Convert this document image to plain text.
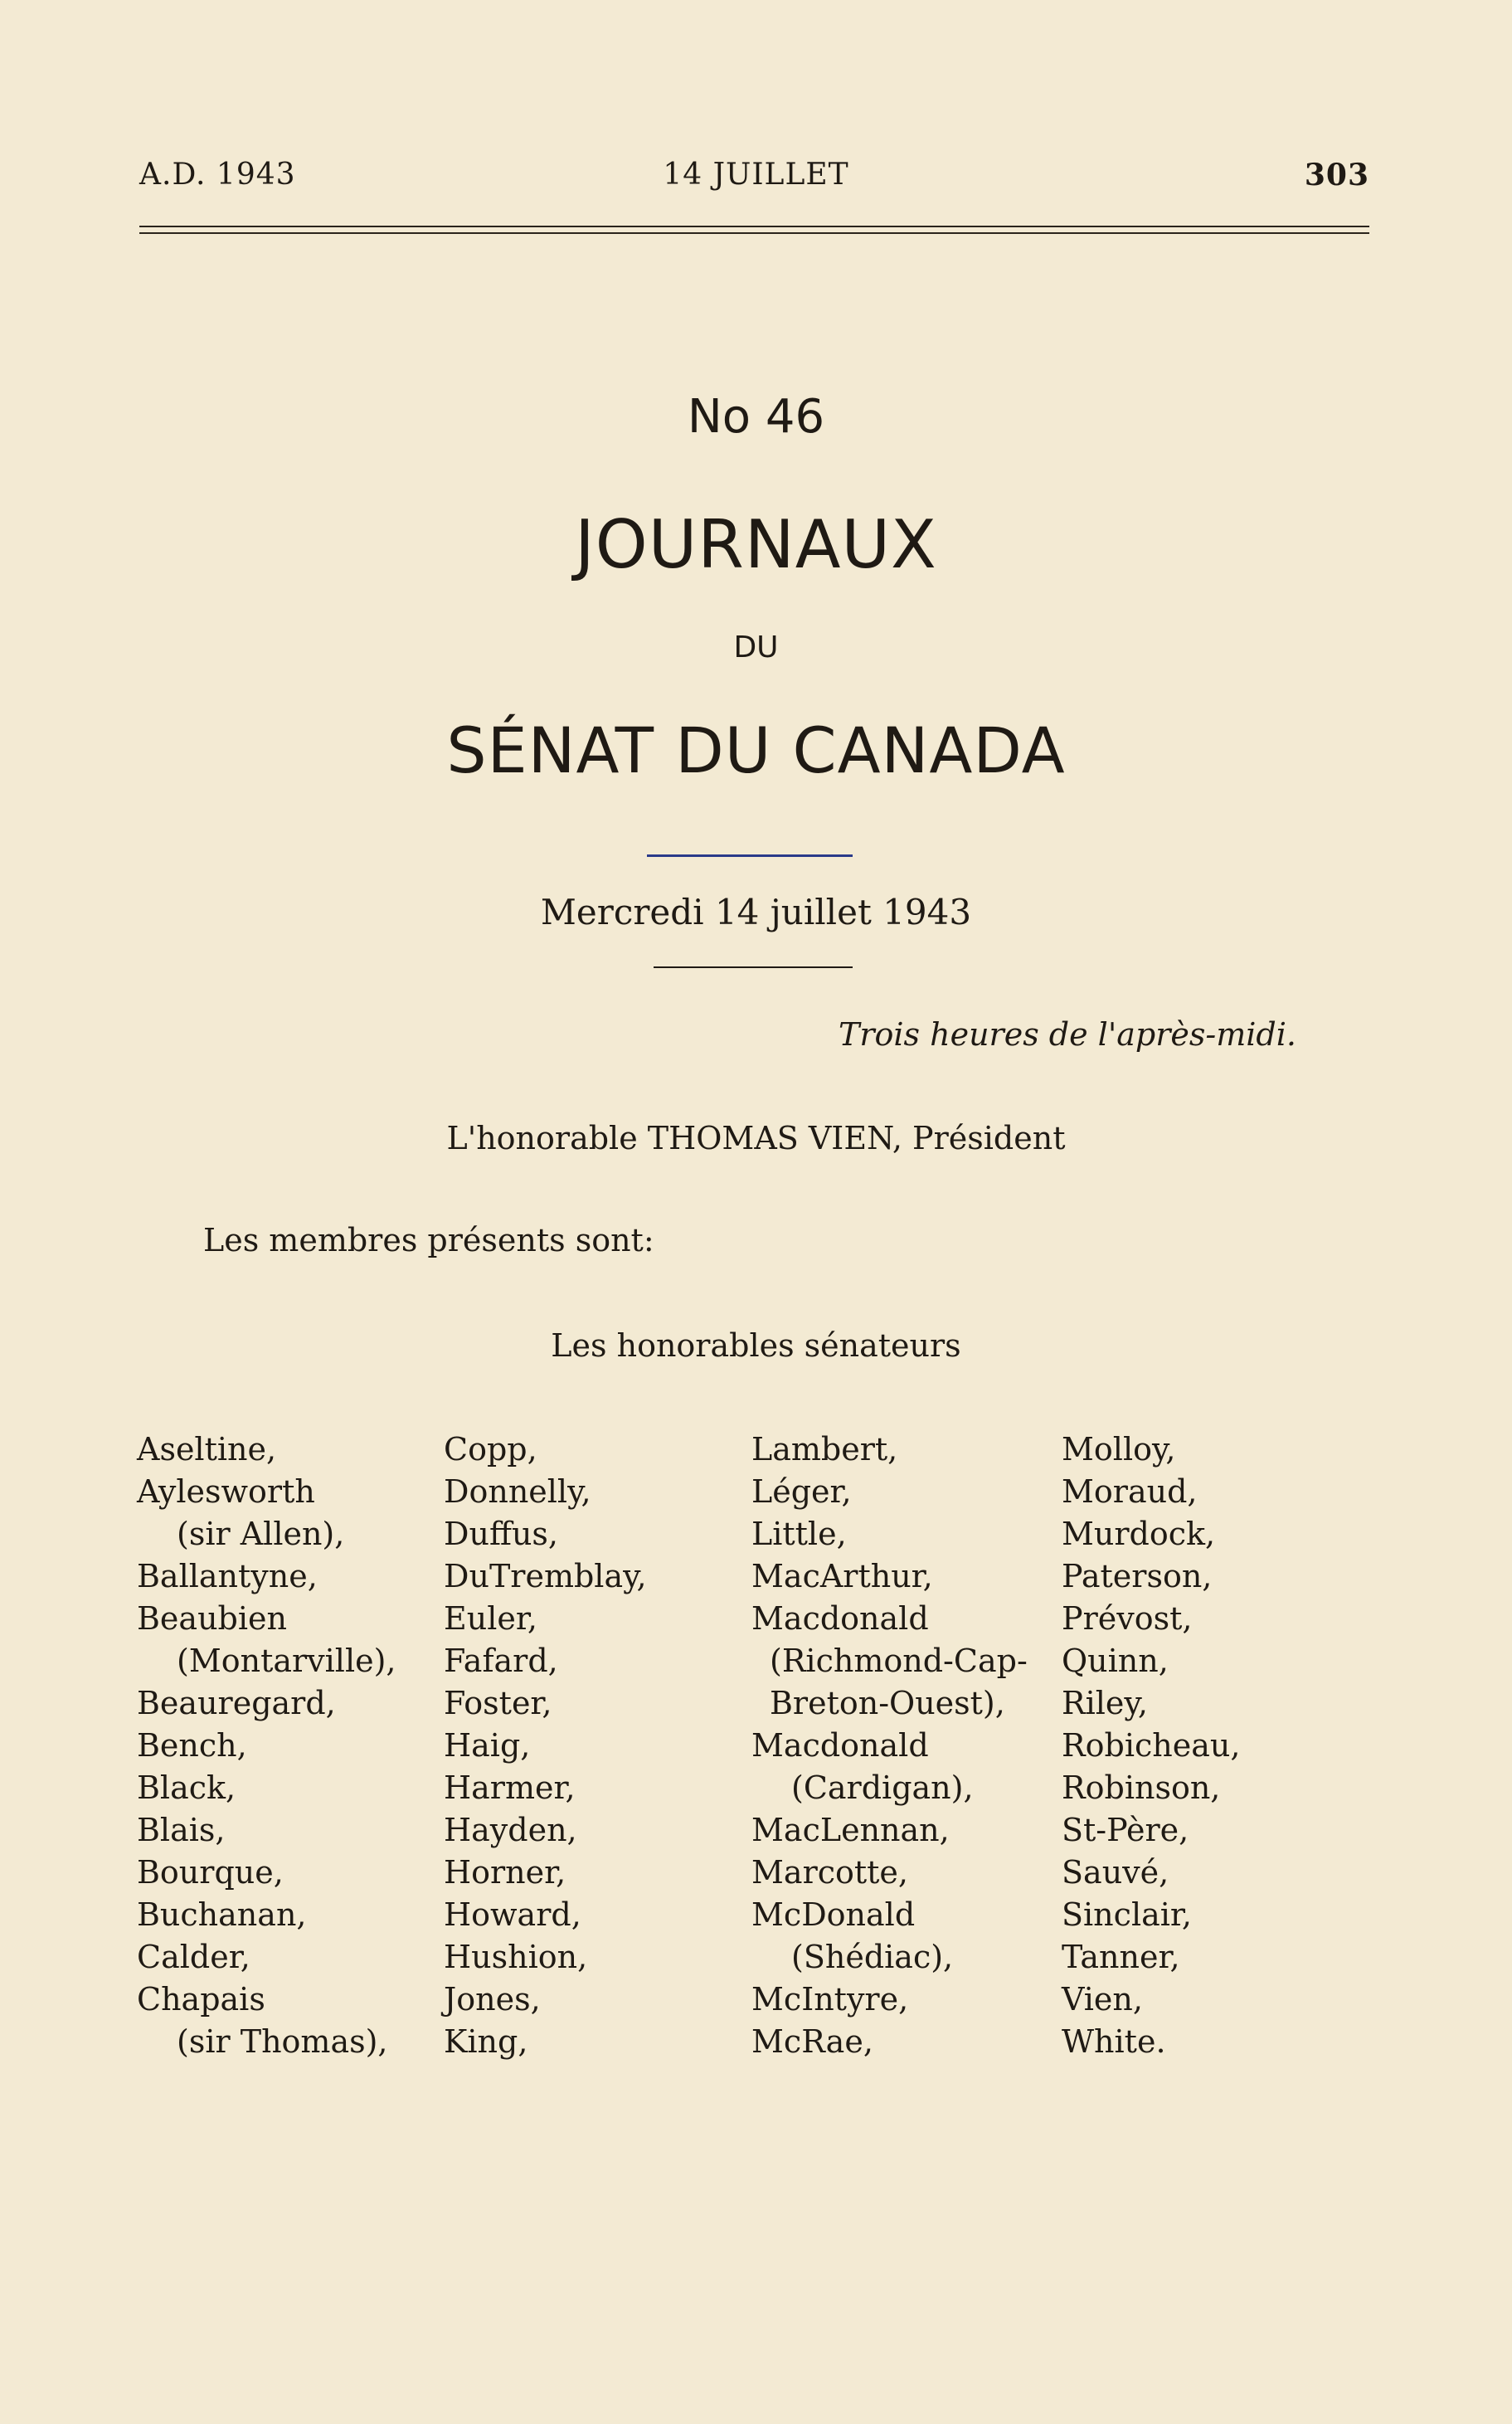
A.D. 1943	14 JUILLET	303
No 46
JOURNAUX
DU
SÉNAT DU CANADA
Mercredi 14 juillet 1943
Trois heures de l'après-midi.
L'honorable THOMAS VIEN, Président
Les membres présents sont:
Les honorables sénateurs
Aseltine,
Aylesworth
(sir Allen),
Ballantyne,
Beaubien
(Montarville),
Beauregard,
Bench,
Black,
Blais,
Bourque,
Buchanan,
Calder,
Chapais
(sir Thomas),
Copp,
Donnelly,
Duffus,
DuTremblay,
Euler,
Fafard,
Foster,
Haig,
Harmer,
Hayden,
Horner,
Howard,
Hushion,
Jones,
King,
Lambert,
Léger,
Little,
MacArthur,
Macdonald
(Richmond-Cap-
Breton-Ouest),
Macdonald
(Cardigan),
MacLennan,
Marcotte,
McDonald
(Shédiac),
McIntyre,
McRae,
Molloy,
Moraud,
Murdock,
Paterson,
Prévost,
Quinn,
Riley,
Robicheau,
Robinson,
St-Père,
Sauvé,
Sinclair,
Tanner,
Vien,
White.
